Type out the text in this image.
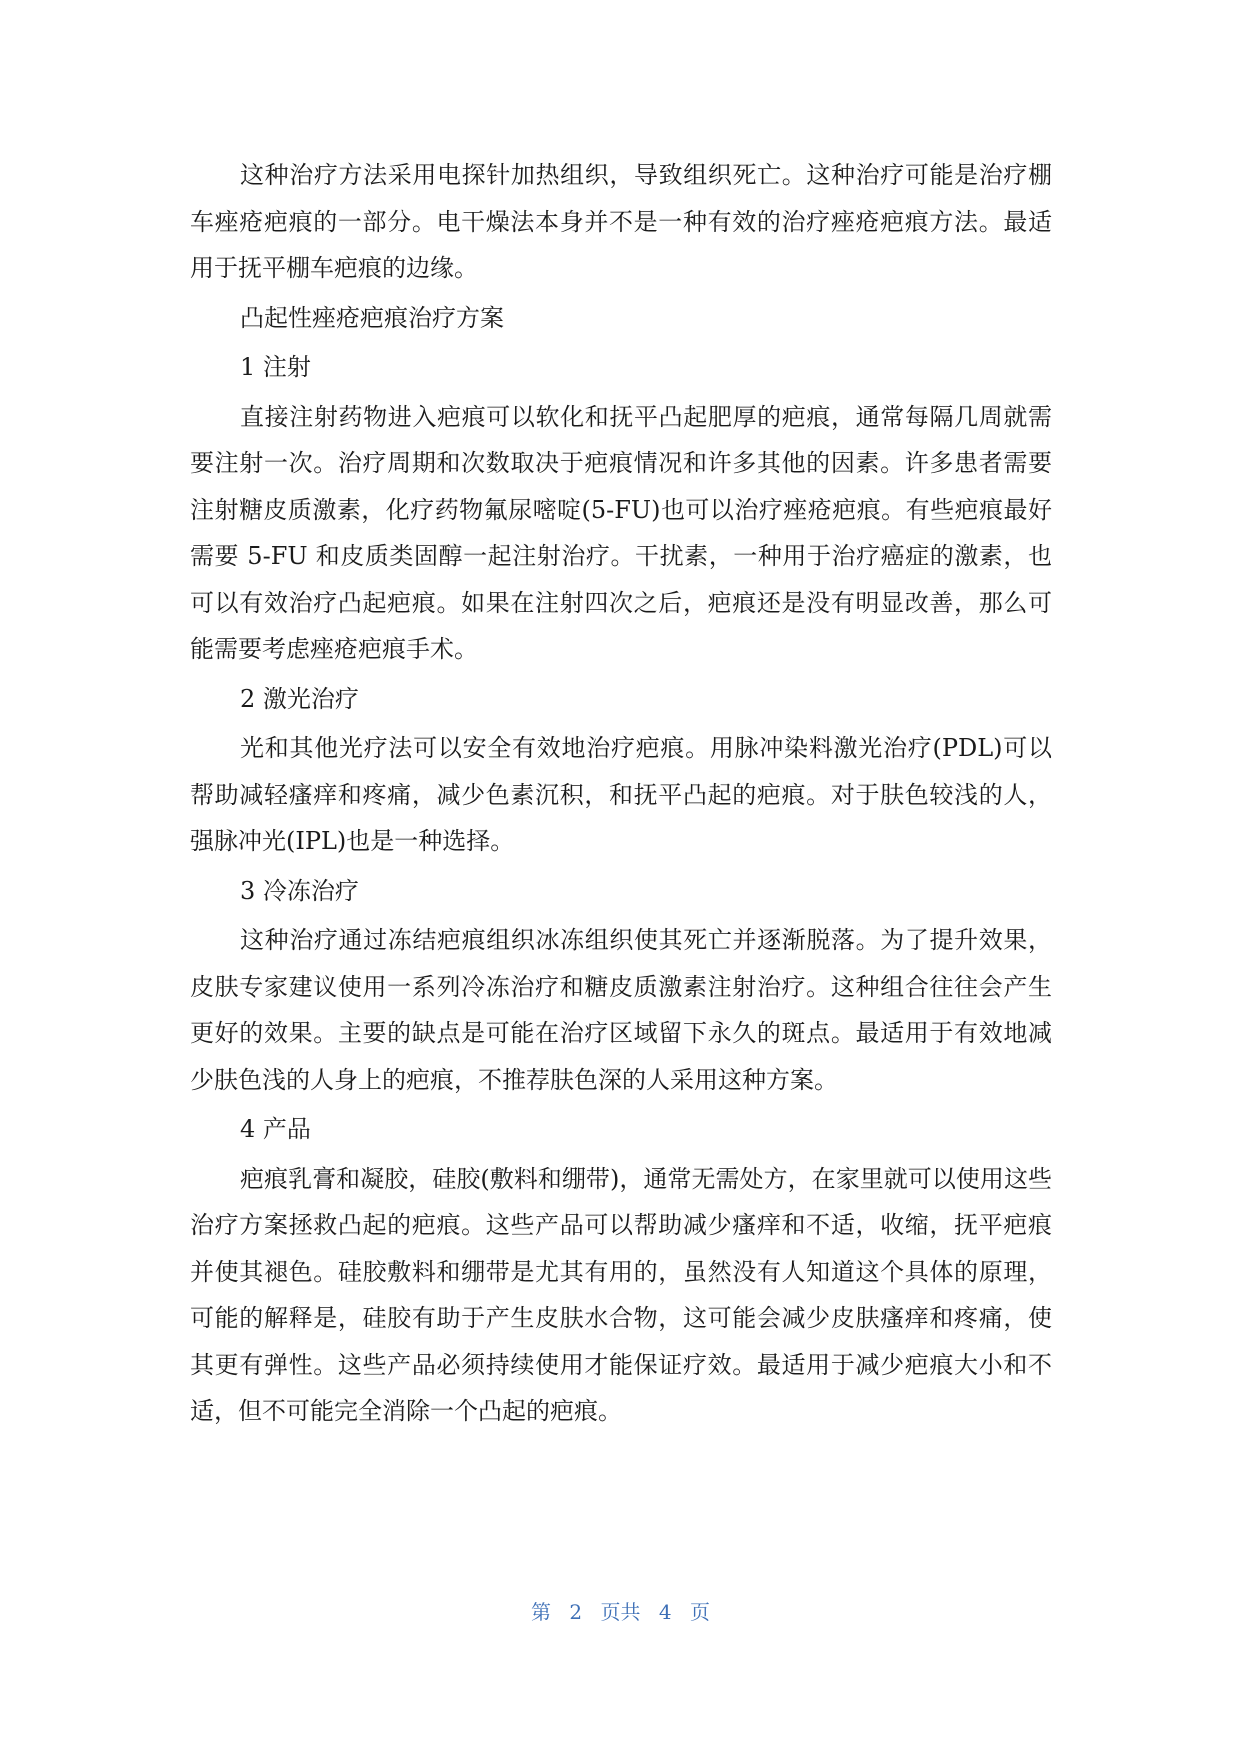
这种治疗方法采用电探针加热组织，导致组织死亡。这种治疗可能是治疗棚车痤疮疤痕的一部分。电干燥法本身并不是一种有效的治疗痤疮疤痕方法。最适用于抚平棚车疤痕的边缘。

凸起性痤疮疤痕治疗方案

1 注射

直接注射药物进入疤痕可以软化和抚平凸起肥厚的疤痕，通常每隔几周就需要注射一次。治疗周期和次数取决于疤痕情况和许多其他的因素。许多患者需要注射糖皮质激素，化疗药物氟尿嘧啶(5-FU)也可以治疗痤疮疤痕。有些疤痕最好需要 5-FU 和皮质类固醇一起注射治疗。干扰素，一种用于治疗癌症的激素，也可以有效治疗凸起疤痕。如果在注射四次之后，疤痕还是没有明显改善，那么可能需要考虑痤疮疤痕手术。

2 激光治疗

光和其他光疗法可以安全有效地治疗疤痕。用脉冲染料激光治疗(PDL)可以帮助减轻瘙痒和疼痛，减少色素沉积，和抚平凸起的疤痕。对于肤色较浅的人，强脉冲光(IPL)也是一种选择。

3 冷冻治疗

这种治疗通过冻结疤痕组织冰冻组织使其死亡并逐渐脱落。为了提升效果，皮肤专家建议使用一系列冷冻治疗和糖皮质激素注射治疗。这种组合往往会产生更好的效果。主要的缺点是可能在治疗区域留下永久的斑点。最适用于有效地减少肤色浅的人身上的疤痕，不推荐肤色深的人采用这种方案。

4 产品

疤痕乳膏和凝胶，硅胶(敷料和绷带)，通常无需处方，在家里就可以使用这些治疗方案拯救凸起的疤痕。这些产品可以帮助减少瘙痒和不适，收缩，抚平疤痕并使其褪色。硅胶敷料和绷带是尤其有用的，虽然没有人知道这个具体的原理，可能的解释是，硅胶有助于产生皮肤水合物，这可能会减少皮肤瘙痒和疼痛，使其更有弹性。这些产品必须持续使用才能保证疗效。最适用于减少疤痕大小和不适，但不可能完全消除一个凸起的疤痕。

第 2 页共 4 页
